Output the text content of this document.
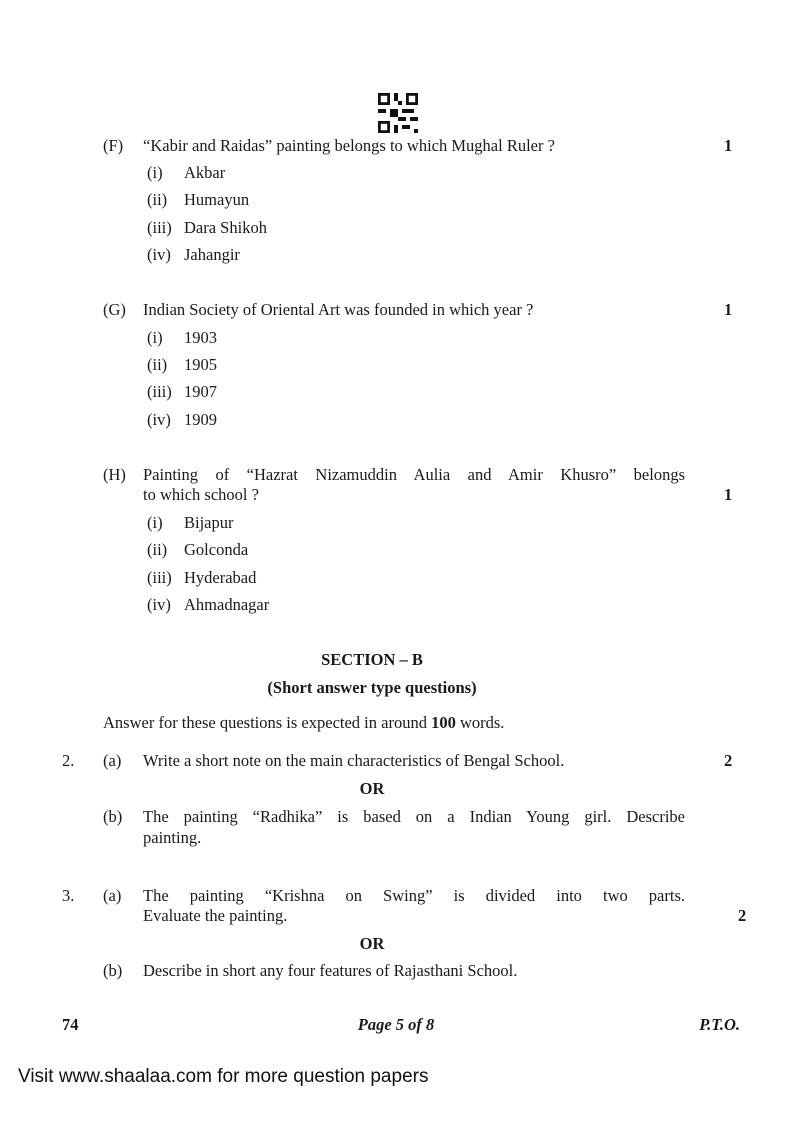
(F) “Kabir and Raidas” painting belongs to which Mughal Ruler ?	1
(i) Akbar
(ii) Humayun
(iii) Dara Shikoh
(iv) Jahangir
(G) Indian Society of Oriental Art was founded in which year ?	1
(i) 1903
(ii) 1905
(iii) 1907
(iv) 1909
(H) Painting of “Hazrat Nizamuddin Aulia and Amir Khusro” belongs
to which school ?	1
(i) Bijapur
(ii) Golconda
(iii) Hyderabad
(iv) Ahmadnagar
SECTION – B
(Short answer type questions)
Answer for these questions is expected in around 100 words.
2. (a) Write a short note on the main characteristics of Bengal School.	2
OR
(b) The painting “Radhika” is based on a Indian Young girl. Describe
painting.
3. (a) The painting “Krishna on Swing” is divided into two parts.
Evaluate the painting.	2
OR
(b) Describe in short any four features of Rajasthani School.
74	Page 5 of 8	P.T.O.
Visit www.shaalaa.com for more question papers
